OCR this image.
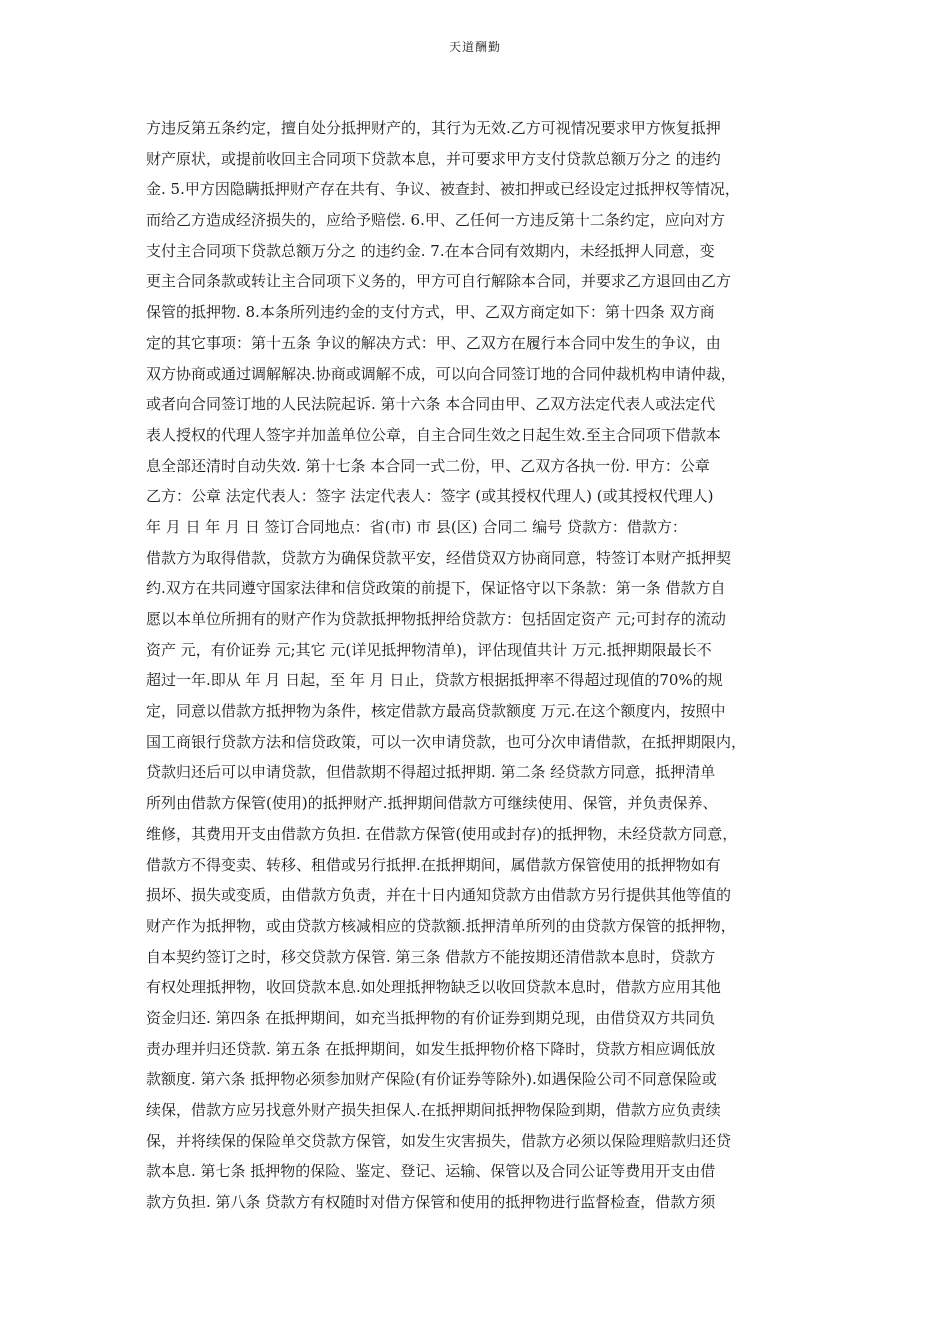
天道酬勤
方违反第五条约定，擅自处分抵押财产的，其行为无效.乙方可视情况要求甲方恢复抵押
财产原状，或提前收回主合同项下贷款本息，并可要求甲方支付贷款总额万分之 的违约
金. 5.甲方因隐瞒抵押财产存在共有、争议、被查封、被扣押或已经设定过抵押权等情况，
而给乙方造成经济损失的，应给予赔偿. 6.甲、乙任何一方违反第十二条约定，应向对方
支付主合同项下贷款总额万分之 的违约金. 7.在本合同有效期内，未经抵押人同意，变
更主合同条款或转让主合同项下义务的，甲方可自行解除本合同，并要求乙方退回由乙方
保管的抵押物. 8.本条所列违约金的支付方式，甲、乙双方商定如下：第十四条 双方商
定的其它事项：第十五条 争议的解决方式：甲、乙双方在履行本合同中发生的争议，由
双方协商或通过调解解决.协商或调解不成，可以向合同签订地的合同仲裁机构申请仲裁，
或者向合同签订地的人民法院起诉. 第十六条 本合同由甲、乙双方法定代表人或法定代
表人授权的代理人签字并加盖单位公章，自主合同生效之日起生效.至主合同项下借款本
息全部还清时自动失效. 第十七条 本合同一式二份，甲、乙双方各执一份. 甲方：公章
乙方：公章 法定代表人：签字 法定代表人：签字 (或其授权代理人) (或其授权代理人)
年 月 日 年 月 日 签订合同地点：省(市) 市 县(区) 合同二 编号 贷款方：借款方：
借款方为取得借款，贷款方为确保贷款平安，经借贷双方协商同意，特签订本财产抵押契
约.双方在共同遵守国家法律和信贷政策的前提下，保证恪守以下条款：第一条 借款方自
愿以本单位所拥有的财产作为贷款抵押物抵押给贷款方：包括固定资产 元;可封存的流动
资产 元，有价证券 元;其它 元(详见抵押物清单)，评估现值共计 万元.抵押期限最长不
超过一年.即从 年 月 日起，至 年 月 日止，贷款方根据抵押率不得超过现值的70%的规
定，同意以借款方抵押物为条件，核定借款方最高贷款额度 万元.在这个额度内，按照中
国工商银行贷款方法和信贷政策，可以一次申请贷款，也可分次申请借款，在抵押期限内，
贷款归还后可以申请贷款，但借款期不得超过抵押期. 第二条 经贷款方同意，抵押清单
所列由借款方保管(使用)的抵押财产.抵押期间借款方可继续使用、保管，并负责保养、
维修，其费用开支由借款方负担. 在借款方保管(使用或封存)的抵押物，未经贷款方同意，
借款方不得变卖、转移、租借或另行抵押.在抵押期间，属借款方保管使用的抵押物如有
损坏、损失或变质，由借款方负责，并在十日内通知贷款方由借款方另行提供其他等值的
财产作为抵押物，或由贷款方核减相应的贷款额.抵押清单所列的由贷款方保管的抵押物，
自本契约签订之时，移交贷款方保管. 第三条 借款方不能按期还清借款本息时，贷款方
有权处理抵押物，收回贷款本息.如处理抵押物缺乏以收回贷款本息时，借款方应用其他
资金归还. 第四条 在抵押期间，如充当抵押物的有价证券到期兑现，由借贷双方共同负
责办理并归还贷款. 第五条 在抵押期间，如发生抵押物价格下降时，贷款方相应调低放
款额度. 第六条 抵押物必须参加财产保险(有价证券等除外).如遇保险公司不同意保险或
续保，借款方应另找意外财产损失担保人.在抵押期间抵押物保险到期，借款方应负责续
保，并将续保的保险单交贷款方保管，如发生灾害损失，借款方必须以保险理赔款归还贷
款本息. 第七条 抵押物的保险、鉴定、登记、运输、保管以及合同公证等费用开支由借
款方负担. 第八条 贷款方有权随时对借方保管和使用的抵押物进行监督检查，借款方须
